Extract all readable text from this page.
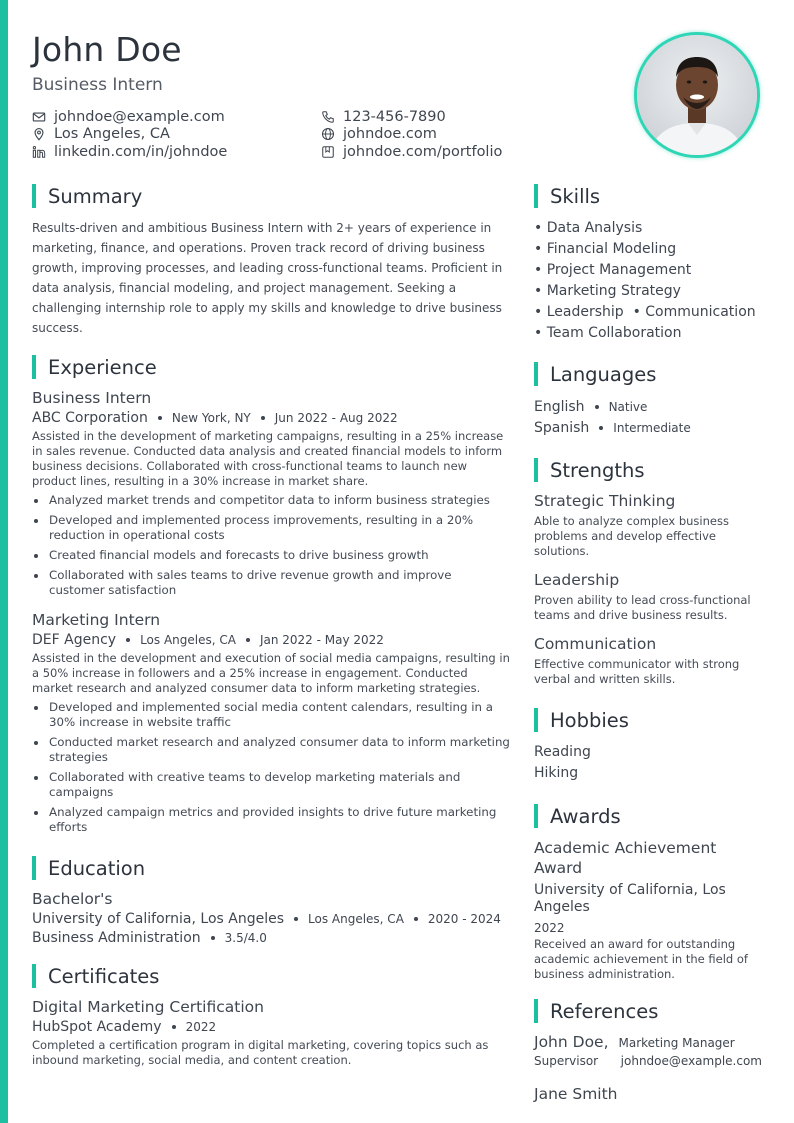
John Doe
Business Intern
johndoe@example.com
Los Angeles, CA
linkedin.com/in/johndoe
123-456-7890
johndoe.com
johndoe.com/portfolio
Summary

Results-driven and ambitious Business Intern with 2+ years of experience in marketing, finance, and operations. Proven track record of driving business growth, improving processes, and leading cross-functional teams. Proficient in data analysis, financial modeling, and project management. Seeking a challenging internship role to apply my skills and knowledge to drive business success.

Experience
Business Intern
ABC Corporation New York, NY Jun 2022 - Aug 2022
Assisted in the development of marketing campaigns, resulting in a 25% increase in sales revenue. Conducted data analysis and created financial models to inform business decisions. Collaborated with cross-functional teams to launch new product lines, resulting in a 30% increase in market share.
Analyzed market trends and competitor data to inform business strategies
Developed and implemented process improvements, resulting in a 20% reduction in operational costs
Created financial models and forecasts to drive business growth
Collaborated with sales teams to drive revenue growth and improve customer satisfaction
Marketing Intern
DEF Agency Los Angeles, CA Jan 2022 - May 2022
Assisted in the development and execution of social media campaigns, resulting in a 50% increase in followers and a 25% increase in engagement. Conducted market research and analyzed consumer data to inform marketing strategies.
Developed and implemented social media content calendars, resulting in a 30% increase in website traffic
Conducted market research and analyzed consumer data to inform marketing strategies
Collaborated with creative teams to develop marketing materials and campaigns
Analyzed campaign metrics and provided insights to drive future marketing efforts
Education
Bachelor's
University of California, Los Angeles Los Angeles, CA 2020 - 2024
Business Administration 3.5/4.0
Certificates
Digital Marketing Certification
HubSpot Academy 2022
Completed a certification program in digital marketing, covering topics such as inbound marketing, social media, and content creation.
Skills
• Data Analysis
• Financial Modeling
• Project Management
• Marketing Strategy
• Leadership  • Communication
• Team Collaboration
Languages
English Native
Spanish Intermediate
Strengths
Strategic Thinking
Able to analyze complex business problems and develop effective solutions.
Leadership
Proven ability to lead cross-functional teams and drive business results.
Communication
Effective communicator with strong verbal and written skills.
Hobbies
Reading
Hiking
Awards
Academic Achievement Award
University of California, Los Angeles
2022
Received an award for outstanding academic achievement in the field of business administration.
References
John Doe, Marketing Manager
Supervisor	johndoe@example.com
Jane Smith
